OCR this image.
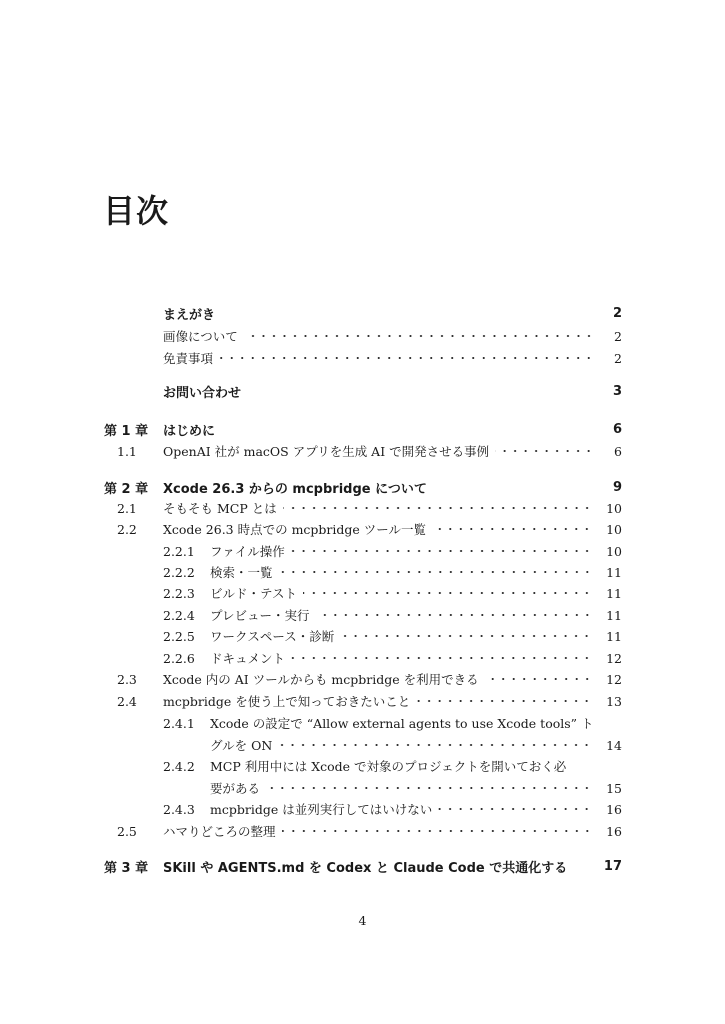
目次
まえがき	2
画像について	2
免責事項	2
お問い合わせ	3
第 1 章	はじめに	6
1.1	OpenAI 社が macOS アプリを生成 AI で開発させる事例	6
第 2 章	Xcode 26.3 からの mcpbridge について	9
2.1	そもそも MCP とは	10
2.2	Xcode 26.3 時点での mcpbridge ツール一覧	10
2.2.1	ファイル操作	10
2.2.2	検索・一覧	11
2.2.3	ビルド・テスト	11
2.2.4	プレビュー・実行	11
2.2.5	ワークスペース・診断	11
2.2.6	ドキュメント	12
2.3	Xcode 内の AI ツールからも mcpbridge を利用できる	12
2.4	mcpbridge を使う上で知っておきたいこと	13
2.4.1	Xcode の設定で “Allow external agents to use Xcode tools” ト
グルを ON	14
2.4.2	MCP 利用中には Xcode で対象のプロジェクトを開いておく必
要がある	15
2.4.3	mcpbridge は並列実行してはいけない	16
2.5	ハマりどころの整理	16
第 3 章	SKill や AGENTS.md を Codex と Claude Code で共通化する	17
4
